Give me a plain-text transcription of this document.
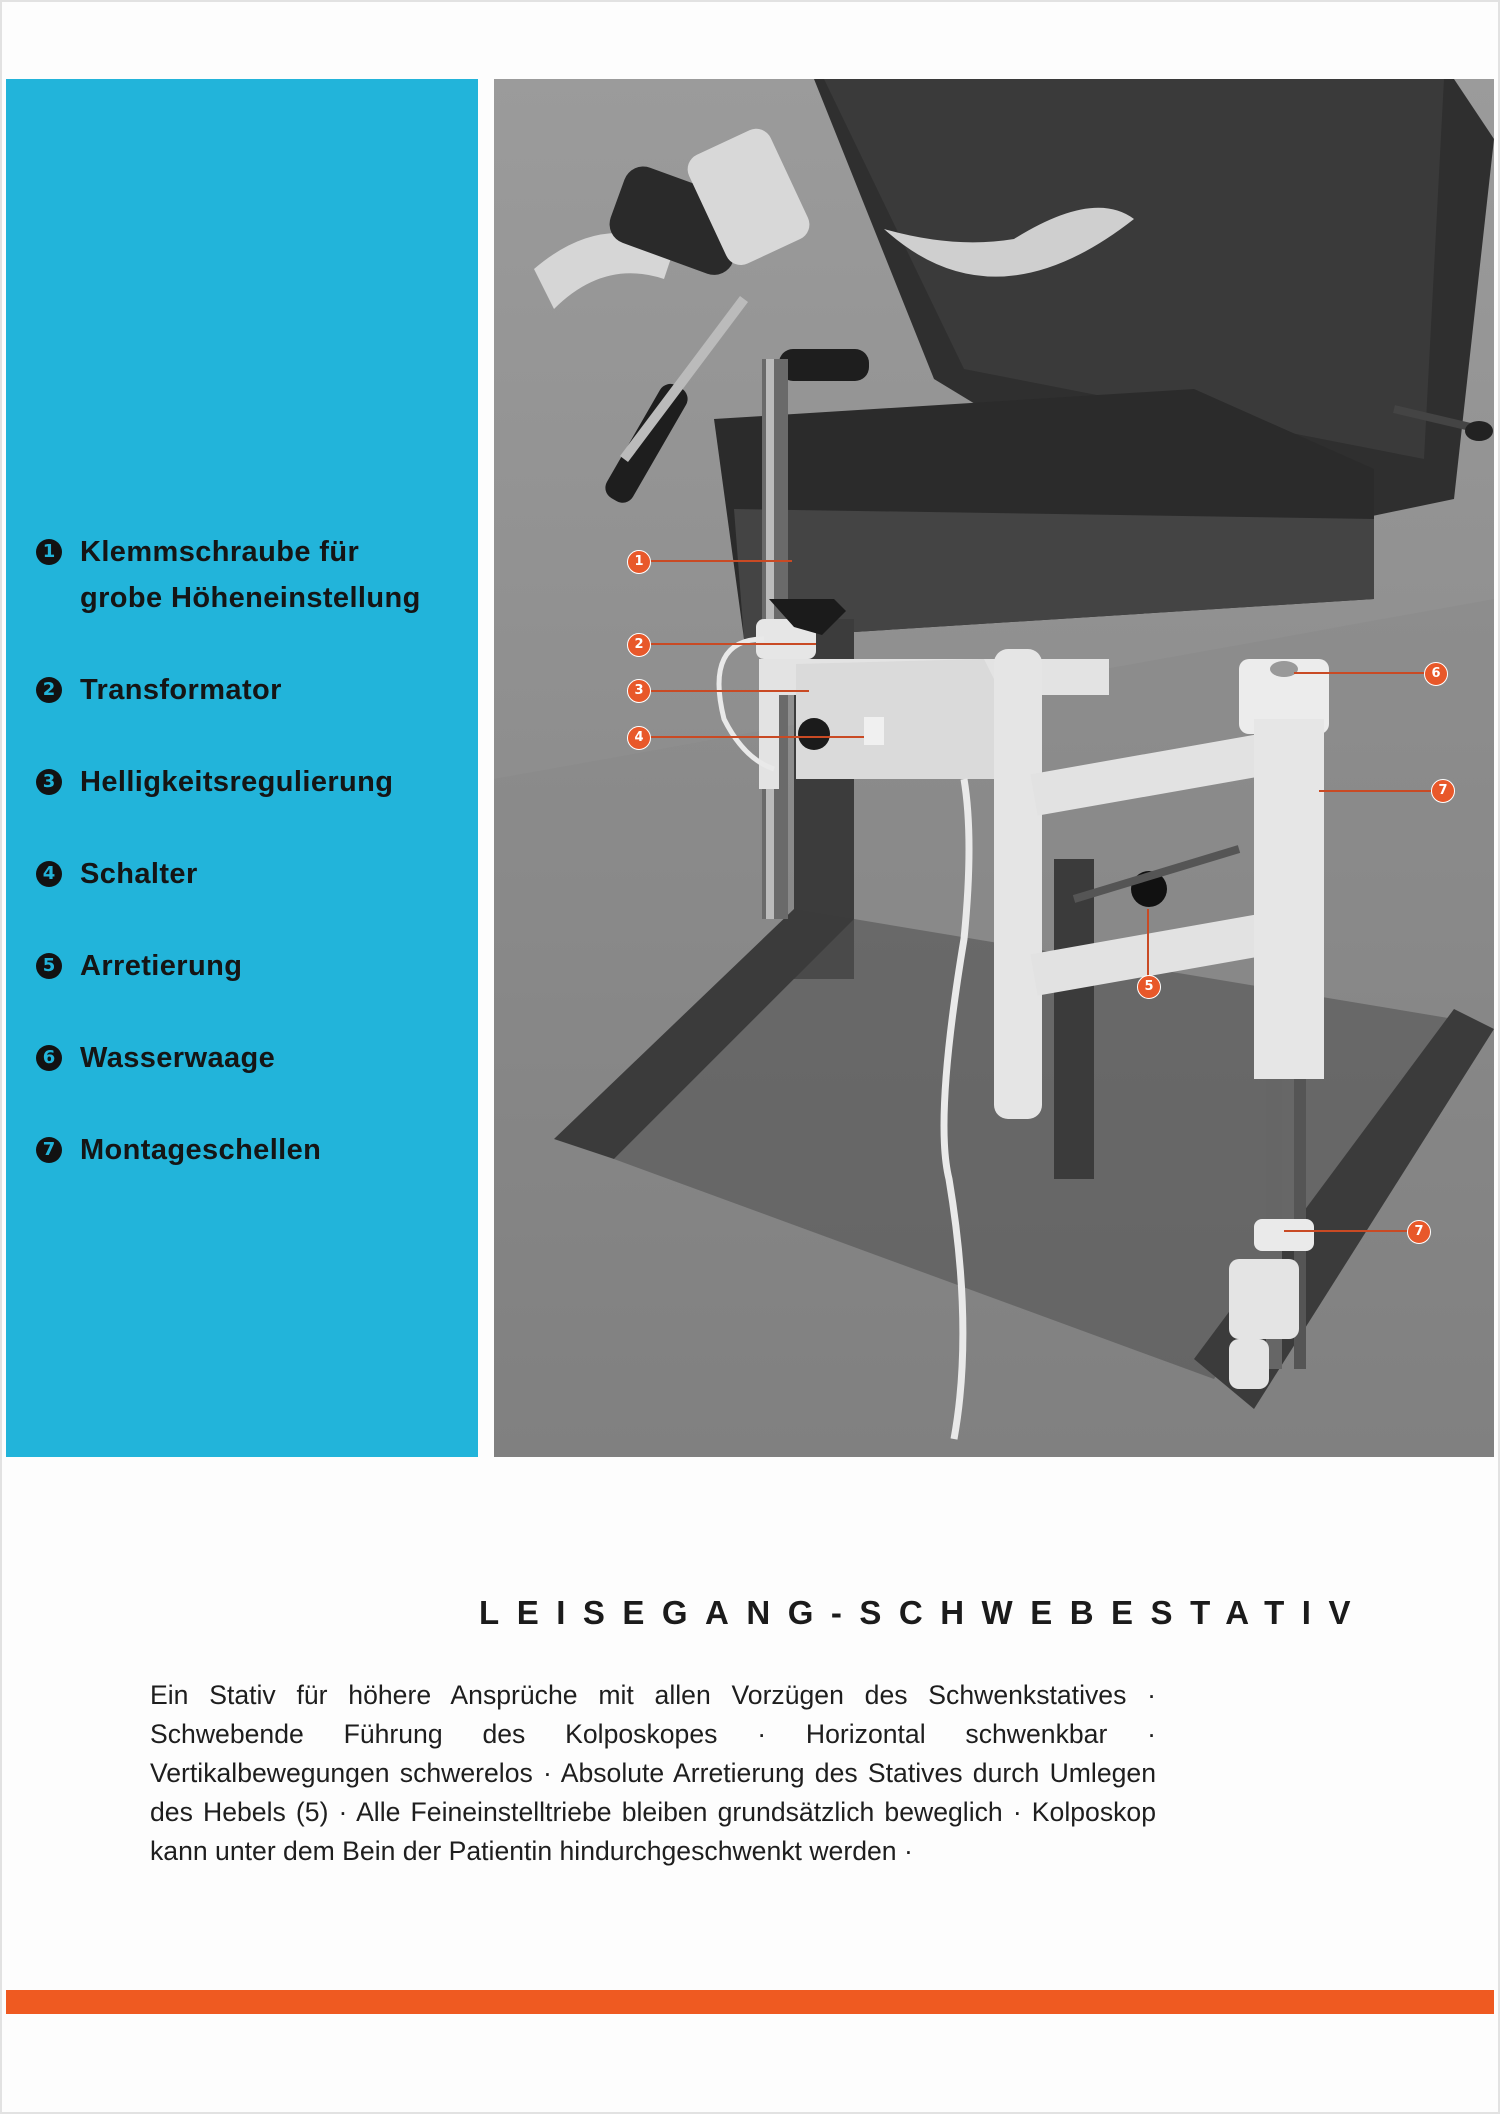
1 Klemmschraube für
grobe Höheneinstellung
2 Transformator
3 Helligkeitsregulierung
4 Schalter
5 Arretierung
6 Wasserwaage
7 Montageschellen
1
2
3
4
5
6
7
7
LEISEGANG-SCHWEBESTATIV

Ein Stativ für höhere Ansprüche mit allen Vorzügen des Schwenkstatives · Schwebende Führung des Kolposkopes · Horizontal schwenkbar · Vertikalbewegungen schwerelos · Absolute Arretierung des Statives durch Umlegen des Hebels (5) · Alle Feineinstelltriebe bleiben grundsätzlich beweglich · Kolposkop kann unter dem Bein der Patientin hindurchgeschwenkt werden ·
